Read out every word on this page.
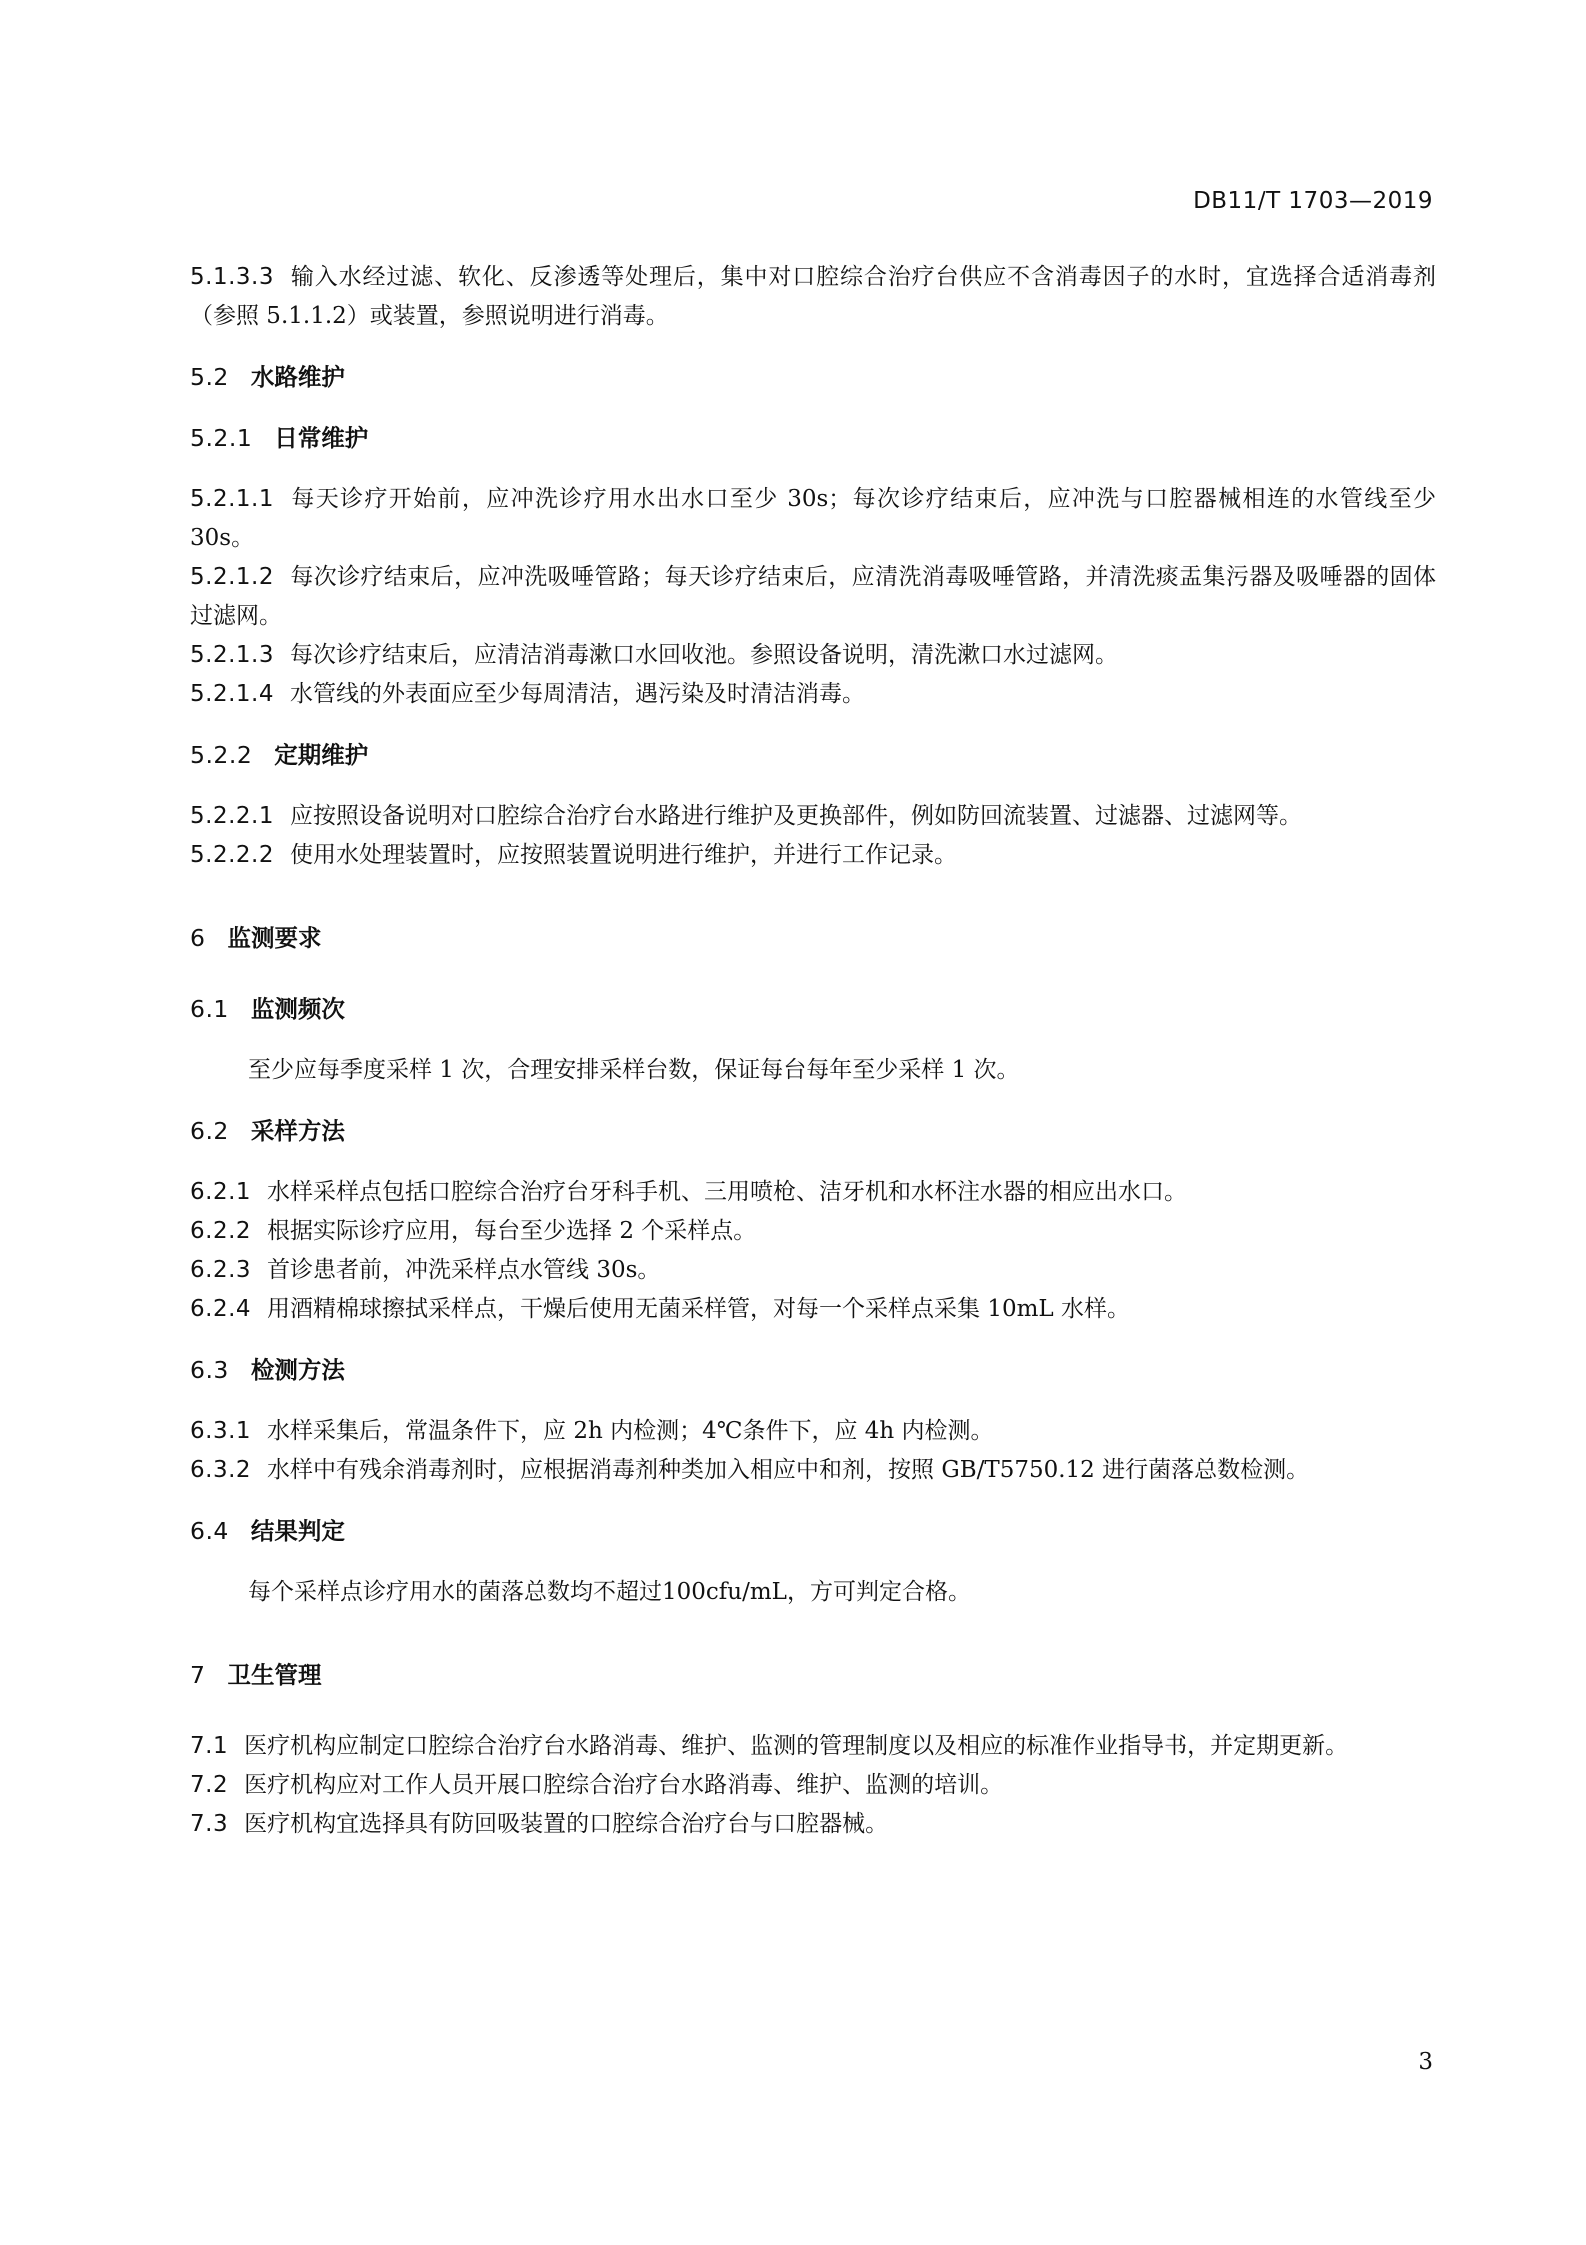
DB11/T 1703—2019

5.1.3.3 输入水经过滤、软化、反渗透等处理后，集中对口腔综合治疗台供应不含消毒因子的水时，宜选择合适消毒剂（参照 5.1.1.2）或装置，参照说明进行消毒。

5.2 水路维护

5.2.1 日常维护

5.2.1.1 每天诊疗开始前，应冲洗诊疗用水出水口至少 30s；每次诊疗结束后，应冲洗与口腔器械相连的水管线至少 30s。

5.2.1.2 每次诊疗结束后，应冲洗吸唾管路；每天诊疗结束后，应清洗消毒吸唾管路，并清洗痰盂集污器及吸唾器的固体过滤网。

5.2.1.3 每次诊疗结束后，应清洁消毒漱口水回收池。参照设备说明，清洗漱口水过滤网。

5.2.1.4 水管线的外表面应至少每周清洁，遇污染及时清洁消毒。

5.2.2 定期维护

5.2.2.1 应按照设备说明对口腔综合治疗台水路进行维护及更换部件，例如防回流装置、过滤器、过滤网等。

5.2.2.2 使用水处理装置时，应按照装置说明进行维护，并进行工作记录。

6 监测要求

6.1 监测频次

至少应每季度采样 1 次，合理安排采样台数，保证每台每年至少采样 1 次。

6.2 采样方法

6.2.1 水样采样点包括口腔综合治疗台牙科手机、三用喷枪、洁牙机和水杯注水器的相应出水口。

6.2.2 根据实际诊疗应用，每台至少选择 2 个采样点。

6.2.3 首诊患者前，冲洗采样点水管线 30s。

6.2.4 用酒精棉球擦拭采样点，干燥后使用无菌采样管，对每一个采样点采集 10mL 水样。

6.3 检测方法

6.3.1 水样采集后，常温条件下，应 2h 内检测；4℃条件下，应 4h 内检测。

6.3.2 水样中有残余消毒剂时，应根据消毒剂种类加入相应中和剂，按照 GB/T5750.12 进行菌落总数检测。

6.4 结果判定

每个采样点诊疗用水的菌落总数均不超过100cfu/mL，方可判定合格。

7 卫生管理

7.1 医疗机构应制定口腔综合治疗台水路消毒、维护、监测的管理制度以及相应的标准作业指导书，并定期更新。

7.2 医疗机构应对工作人员开展口腔综合治疗台水路消毒、维护、监测的培训。

7.3 医疗机构宜选择具有防回吸装置的口腔综合治疗台与口腔器械。

3
